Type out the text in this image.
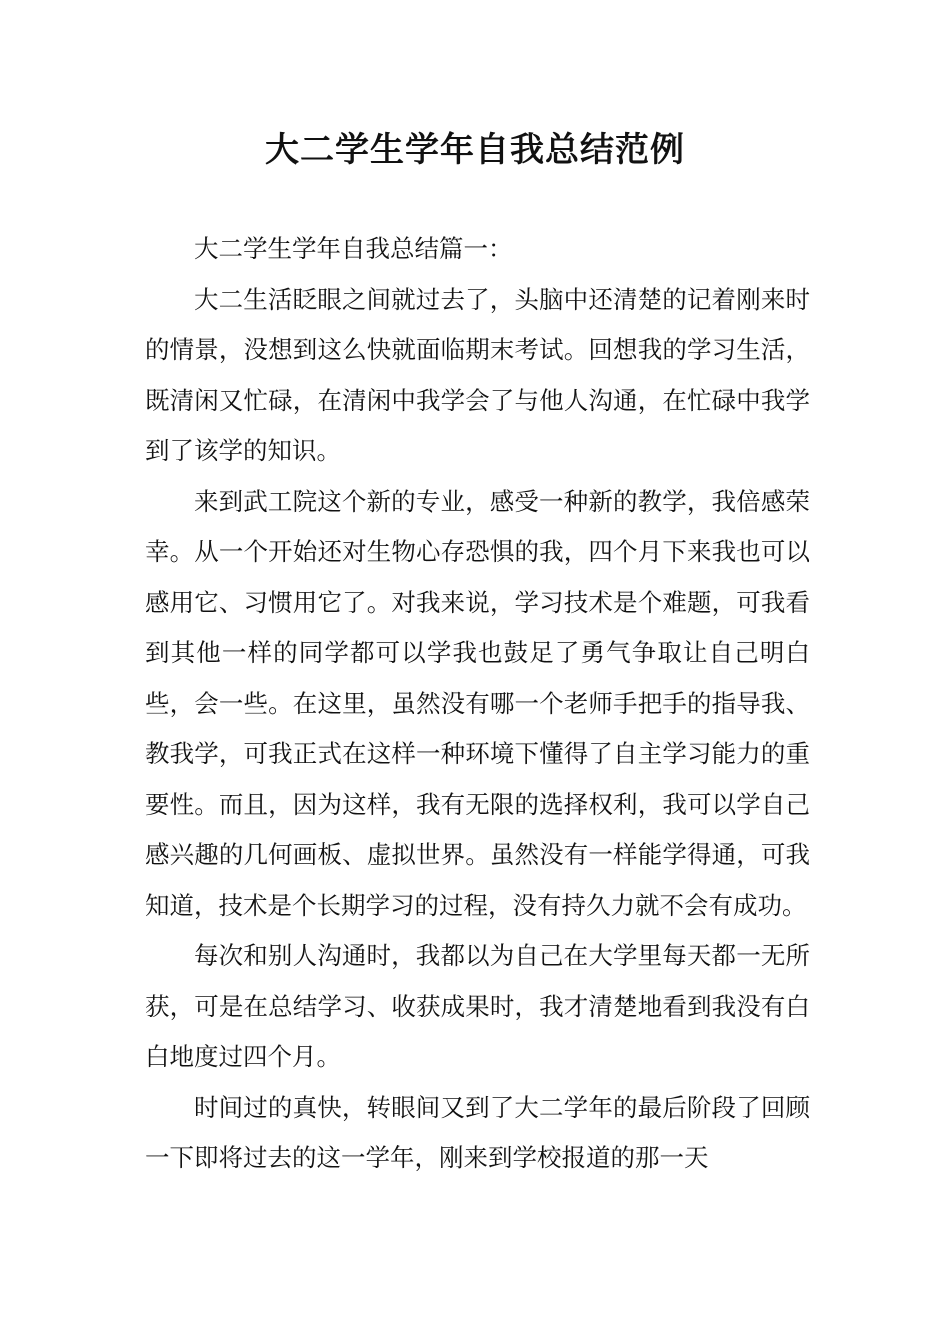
大二学生学年自我总结范例

大二学生学年自我总结篇一：

大二生活眨眼之间就过去了，头脑中还清楚的记着刚来时的情景，没想到这么快就面临期末考试。回想我的学习生活，既清闲又忙碌，在清闲中我学会了与他人沟通，在忙碌中我学到了该学的知识。

来到武工院这个新的专业，感受一种新的教学，我倍感荣幸。从一个开始还对生物心存恐惧的我，四个月下来我也可以感用它、习惯用它了。对我来说，学习技术是个难题，可我看到其他一样的同学都可以学我也鼓足了勇气争取让自己明白些，会一些。在这里，虽然没有哪一个老师手把手的指导我、教我学，可我正式在这样一种环境下懂得了自主学习能力的重要性。而且，因为这样，我有无限的选择权利，我可以学自己感兴趣的几何画板、虚拟世界。虽然没有一样能学得通，可我知道，技术是个长期学习的过程，没有持久力就不会有成功。

每次和别人沟通时，我都以为自己在大学里每天都一无所获，可是在总结学习、收获成果时，我才清楚地看到我没有白白地度过四个月。

时间过的真快，转眼间又到了大二学年的最后阶段了回顾一下即将过去的这一学年，刚来到学校报道的那一天
